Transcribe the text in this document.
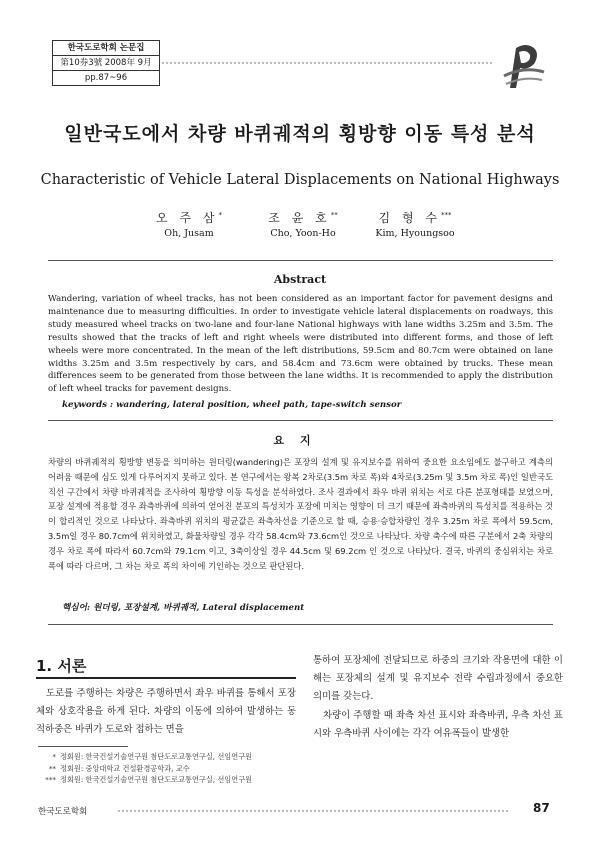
한국도로학회 논문집
第10券3號 2008年 9月
pp.87~96
일반국도에서 차량 바퀴궤적의 횡방향 이동 특성 분석
Characteristic of Vehicle Lateral Displacements on National Highways
오 주 삼*
Oh, Jusam
조 윤 호**
Cho, Yoon-Ho
김 형 수***
Kim, Hyoungsoo
Abstract
Wandering, variation of wheel tracks, has not been considered as an important factor for pavement designs and maintenance due to measuring difficulties. In order to investigate vehicle lateral displacements on roadways, this study measured wheel tracks on two-lane and four-lane National highways with lane widths 3.25m and 3.5m. The results showed that the tracks of left and right wheels were distributed into different forms, and those of left wheels were more concentrated. In the mean of the left distributions, 59.5cm and 80.7cm were obtained on lane widths 3.25m and 3.5m respectively by cars, and 58.4cm and 73.6cm were obtained by trucks. These mean differences seem to be generated from those between the lane widths. It is recommended to apply the distribution of left wheel tracks for pavement designs.
keywords : wandering, lateral position, wheel path, tape-switch sensor
요지
차량의 바퀴궤적의 횡방향 변동을 의미하는 원더링(wandering)은 포장의 설계 및 유지보수를 위하여 중요한 요소임에도 불구하고 계측의 어려움 때문에 심도 있게 다루어지지 못하고 있다. 본 연구에서는 왕복 2차로(3.5m 차로 폭)와 4차로(3.25m 및 3.5m 차로 폭)인 일반국도 직선 구간에서 차량 바퀴궤적을 조사하여 횡방향 이동 특성을 분석하였다. 조사 결과에서 좌우 바퀴 위치는 서로 다른 분포형태를 보였으며, 포장 설계에 적용할 경우 좌측바퀴에 의하여 얻어진 분포의 특성치가 포장에 미치는 영향이 더 크기 때문에 좌측바퀴의 특성치를 적용하는 것이 합리적인 것으로 나타났다. 좌측바퀴 위치의 평균값은 좌측차선을 기준으로 할 때, 승용·승합차량인 경우 3.25m 차로 폭에서 59.5cm, 3.5m일 경우 80.7cm에 위치하였고, 화물차량일 경우 각각 58.4cm와 73.6cm인 것으로 나타났다. 차량 축수에 따른 구분에서 2축 차량의 경우 차로 폭에 따라서 60.7cm와 79.1cm 이고, 3축이상일 경우 44.5cm 및 69.2cm 인 것으로 나타났다. 결국, 바퀴의 중심위치는 차로 폭에 따라 다르며, 그 차는 차로 폭의 차이에 기인하는 것으로 판단된다.
핵심어: 원더링, 포장설계, 바퀴궤적, Lateral displacement
1. 서론

도로를 주행하는 차량은 주행하면서 좌우 바퀴를 통해서 포장체와 상호작용을 하게 된다. 차량의 이동에 의하여 발생하는 동적하중은 바퀴가 도로와 접하는 면을

통하여 포장체에 전달되므로 하중의 크기와 작용면에 대한 이해는 포장체의 설계 및 유지보수 전략 수립과정에서 중요한 의미를 갖는다.

차량이 주행할 때 좌측 차선 표시와 좌측바퀴, 우측 차선 표시와 우측바퀴 사이에는 각각 여유폭들이 발생한

* 정회원: 한국건설기술연구원 첨단도로교통연구실, 선임연구원
** 정회원: 중앙대학교 건설환경공학과, 교수
*** 정회원: 한국건설기술연구원 첨단도로교통연구실, 선임연구원
한국도로학회	87
